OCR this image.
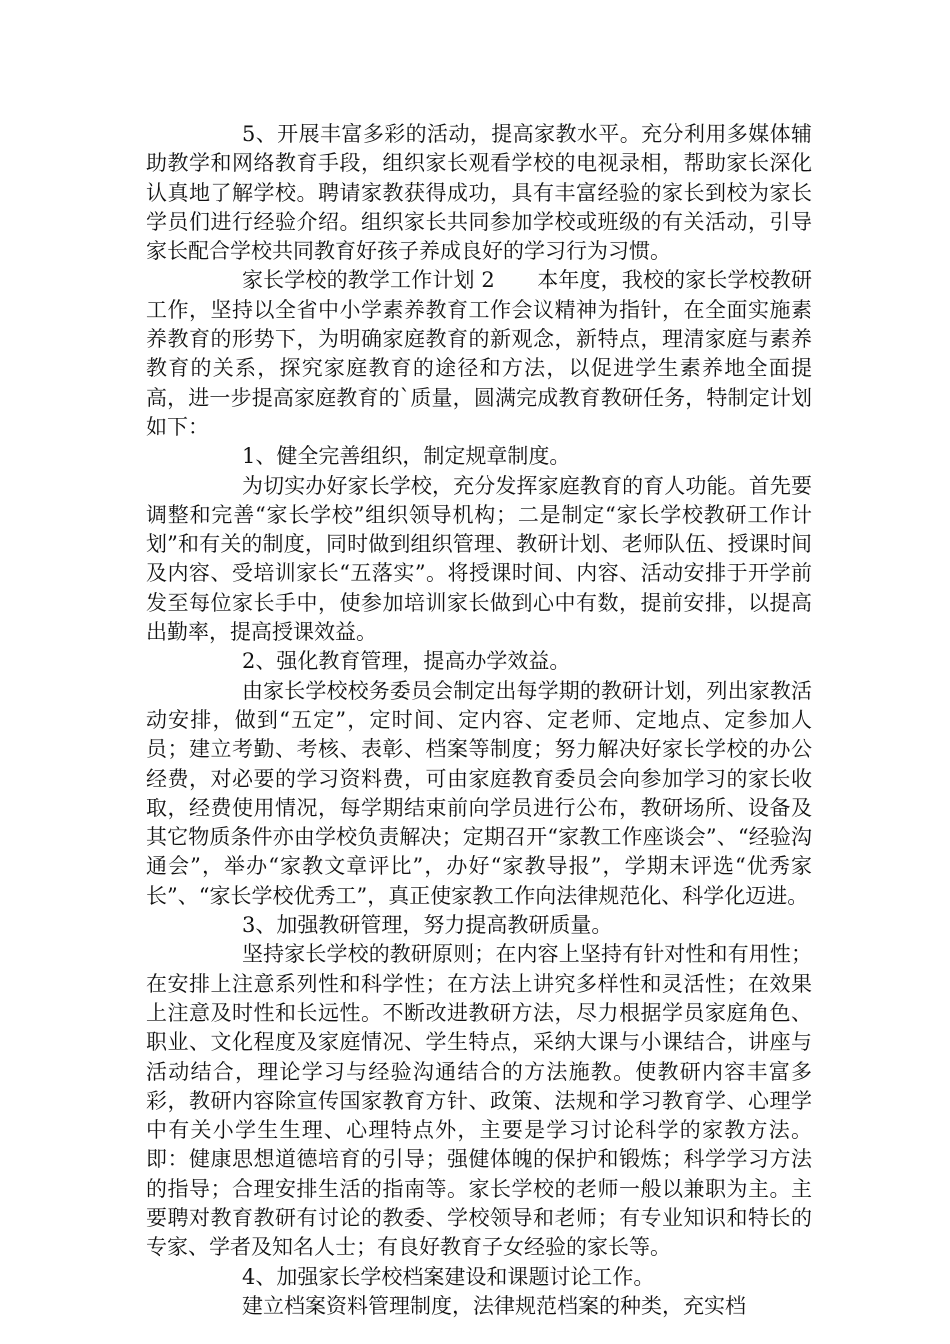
5、开展丰富多彩的活动，提高家教水平。充分利用多媒体辅助教学和网络教育手段，组织家长观看学校的电视录相，帮助家长深化认真地了解学校。聘请家教获得成功，具有丰富经验的家长到校为家长学员们进行经验介绍。组织家长共同参加学校或班级的有关活动，引导家长配合学校共同教育好孩子养成良好的学习行为习惯。

家长学校的教学工作计划 2　　本年度，我校的家长学校教研工作，坚持以全省中小学素养教育工作会议精神为指针，在全面实施素养教育的形势下，为明确家庭教育的新观念，新特点，理清家庭与素养教育的关系，探究家庭教育的途径和方法，以促进学生素养地全面提高，进一步提高家庭教育的`质量，圆满完成教育教研任务，特制定计划如下：

1、健全完善组织，制定规章制度。

为切实办好家长学校，充分发挥家庭教育的育人功能。首先要调整和完善“家长学校”组织领导机构；二是制定“家长学校教研工作计划”和有关的制度，同时做到组织管理、教研计划、老师队伍、授课时间及内容、受培训家长“五落实”。将授课时间、内容、活动安排于开学前发至每位家长手中，使参加培训家长做到心中有数，提前安排，以提高出勤率，提高授课效益。

2、强化教育管理，提高办学效益。

由家长学校校务委员会制定出每学期的教研计划，列出家教活动安排，做到“五定”，定时间、定内容、定老师、定地点、定参加人员；建立考勤、考核、表彰、档案等制度；努力解决好家长学校的办公经费，对必要的学习资料费，可由家庭教育委员会向参加学习的家长收取，经费使用情况，每学期结束前向学员进行公布，教研场所、设备及其它物质条件亦由学校负责解决；定期召开“家教工作座谈会”、“经验沟通会”，举办“家教文章评比”，办好“家教导报”，学期末评选“优秀家长”、“家长学校优秀工”，真正使家教工作向法律规范化、科学化迈进。

3、加强教研管理，努力提高教研质量。

坚持家长学校的教研原则；在内容上坚持有针对性和有用性；在安排上注意系列性和科学性；在方法上讲究多样性和灵活性；在效果上注意及时性和长远性。不断改进教研方法，尽力根据学员家庭角色、职业、文化程度及家庭情况、学生特点，采纳大课与小课结合，讲座与活动结合，理论学习与经验沟通结合的方法施教。使教研内容丰富多彩，教研内容除宣传国家教育方针、政策、法规和学习教育学、心理学中有关小学生生理、心理特点外，主要是学习讨论科学的家教方法。即：健康思想道德培育的引导；强健体魄的保护和锻炼；科学学习方法的指导；合理安排生活的指南等。家长学校的老师一般以兼职为主。主要聘对教育教研有讨论的教委、学校领导和老师；有专业知识和特长的专家、学者及知名人士；有良好教育子女经验的家长等。

4、加强家长学校档案建设和课题讨论工作。

建立档案资料管理制度，法律规范档案的种类，充实档
